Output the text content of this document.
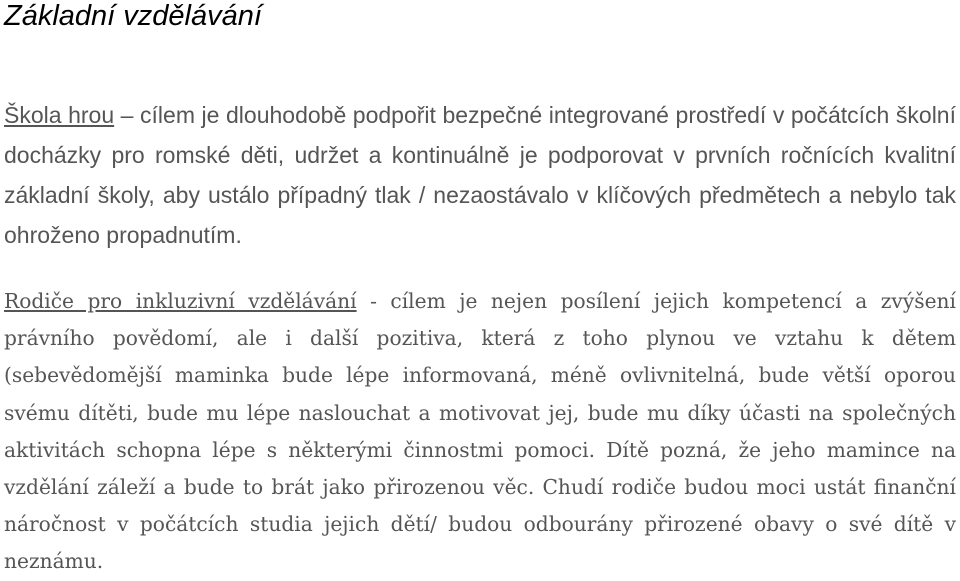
Základní vzdělávání

Škola hrou – cílem je dlouhodobě podpořit bezpečné integrované prostředí v počátcích školní docházky pro romské děti, udržet a kontinuálně je podporovat v prvních ročnících kvalitní základní školy, aby ustálo případný tlak / nezaostávalo v klíčových předmětech a nebylo tak ohroženo propadnutím.

Rodiče pro inkluzivní vzdělávání - cílem je nejen posílení jejich kompetencí a zvýšení právního povědomí, ale i další pozitiva, která z toho plynou ve vztahu k dětem (sebevědomější maminka bude lépe informovaná, méně ovlivnitelná, bude větší oporou svému dítěti, bude mu lépe naslouchat a motivovat jej, bude mu díky účasti na společných aktivitách schopna lépe s některými činnostmi pomoci. Dítě pozná, že jeho mamince na vzdělání záleží a bude to brát jako přirozenou věc. Chudí rodiče budou moci ustát finanční náročnost v počátcích studia jejich dětí/ budou odbourány přirozené obavy o své dítě v neznámu.
